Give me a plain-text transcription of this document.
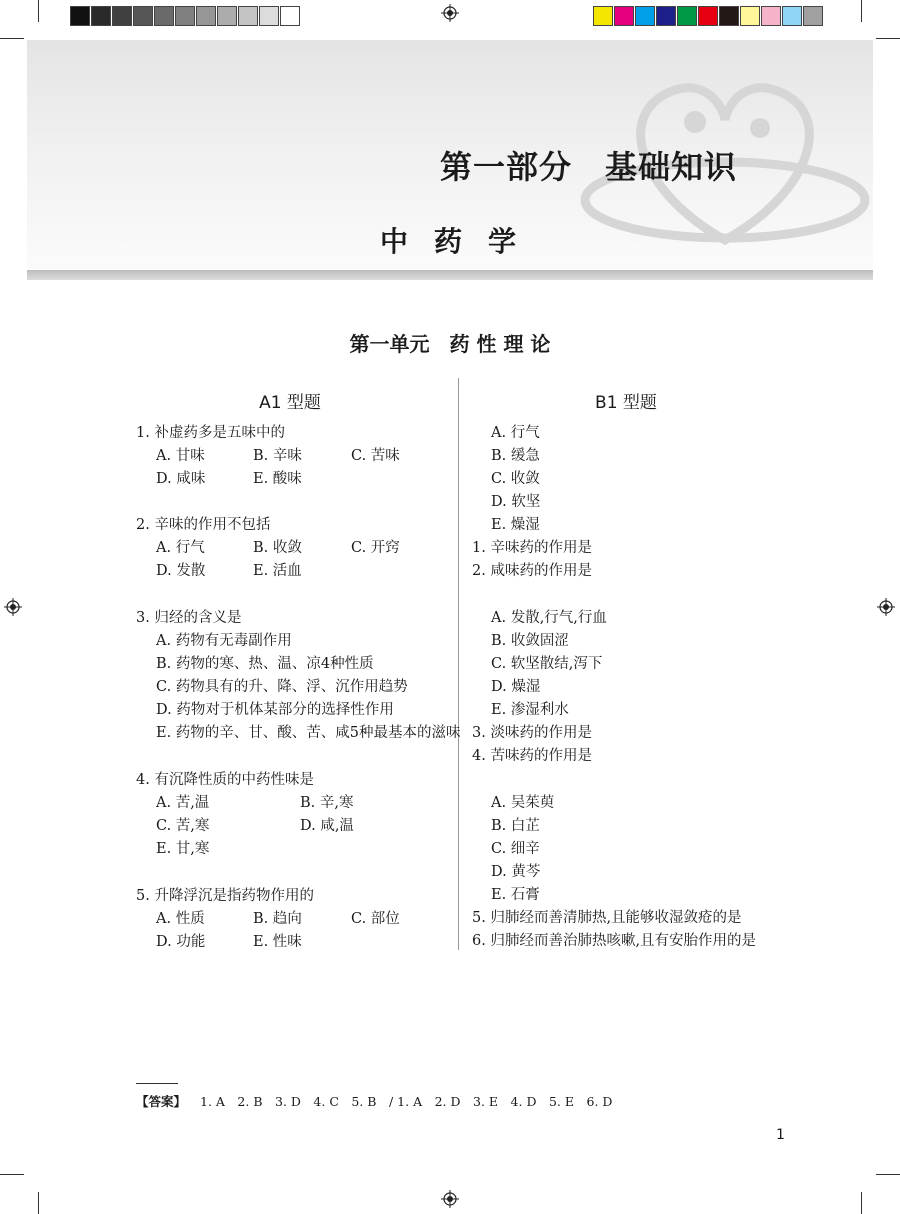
第一部分　基础知识
中药学
第一单元　药 性 理 论
A1 型题
1. 补虚药多是五味中的
A. 甘味	B. 辛味	C. 苦味
D. 咸味	E. 酸味
2. 辛味的作用不包括
A. 行气	B. 收敛	C. 开窍
D. 发散	E. 活血
3. 归经的含义是
A. 药物有无毒副作用
B. 药物的寒、热、温、凉4种性质
C. 药物具有的升、降、浮、沉作用趋势
D. 药物对于机体某部分的选择性作用
E. 药物的辛、甘、酸、苦、咸5种最基本的滋味
4. 有沉降性质的中药性味是
A. 苦,温	B. 辛,寒
C. 苦,寒	D. 咸,温
E. 甘,寒
5. 升降浮沉是指药物作用的
A. 性质	B. 趋向	C. 部位
D. 功能	E. 性味
B1 型题
A. 行气
B. 缓急
C. 收敛
D. 软坚
E. 燥湿
1. 辛味药的作用是
2. 咸味药的作用是
A. 发散,行气,行血
B. 收敛固涩
C. 软坚散结,泻下
D. 燥湿
E. 渗湿利水
3. 淡味药的作用是
4. 苦味药的作用是
A. 吴茱萸
B. 白芷
C. 细辛
D. 黄芩
E. 石膏
5. 归肺经而善清肺热,且能够收湿敛疮的是
6. 归肺经而善治肺热咳嗽,且有安胎作用的是
【答案】 1. A　2. B　3. D　4. C　5. B　/ 1. A　2. D　3. E　4. D　5. E　6. D
1
